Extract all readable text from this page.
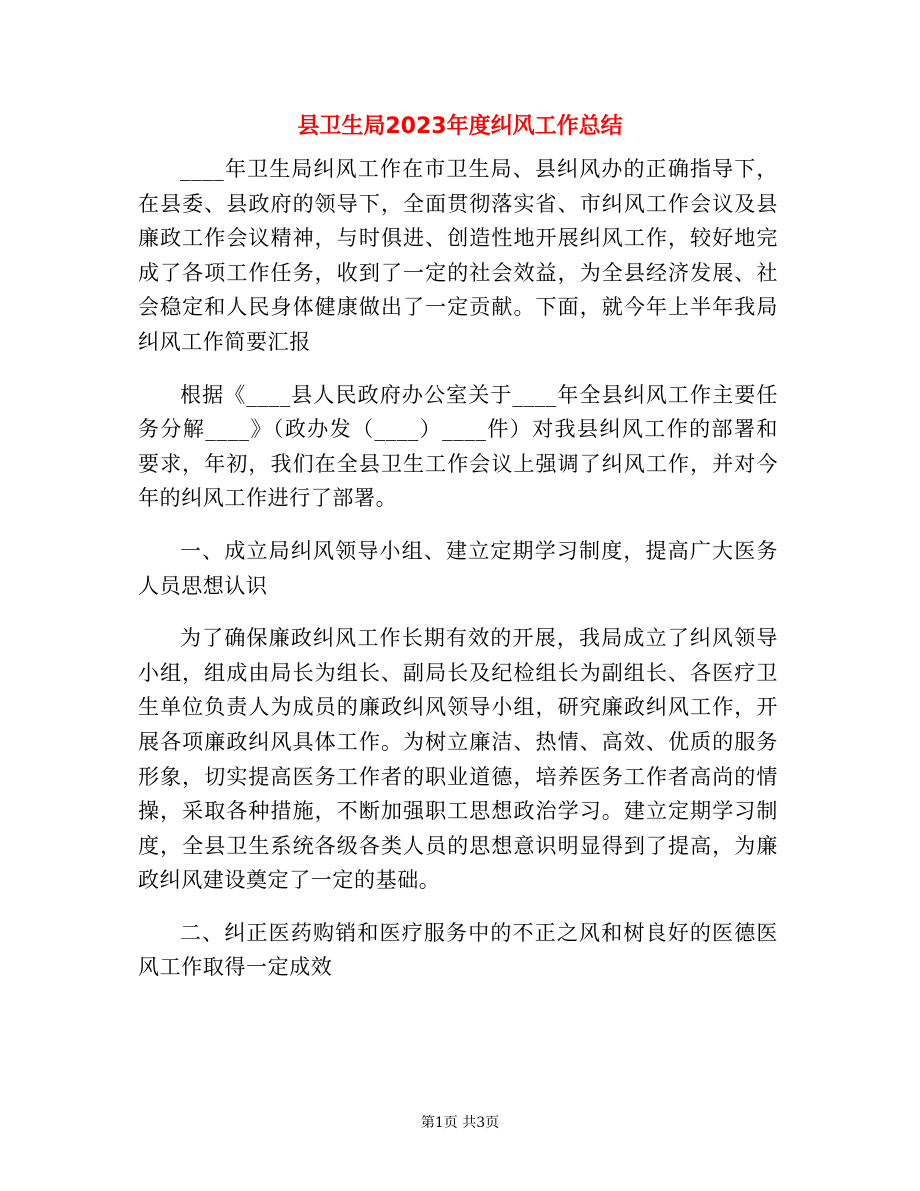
县卫生局2023年度纠风工作总结

____年卫生局纠风工作在市卫生局、县纠风办的正确指导下，在县委、县政府的领导下，全面贯彻落实省、市纠风工作会议及县廉政工作会议精神，与时俱进、创造性地开展纠风工作，较好地完成了各项工作任务，收到了一定的社会效益，为全县经济发展、社会稳定和人民身体健康做出了一定贡献。下面，就今年上半年我局纠风工作简要汇报

根据《____县人民政府办公室关于____年全县纠风工作主要任务分解____》（政办发（____）____件）对我县纠风工作的部署和要求，年初，我们在全县卫生工作会议上强调了纠风工作，并对今年的纠风工作进行了部署。

一、成立局纠风领导小组、建立定期学习制度，提高广大医务人员思想认识

为了确保廉政纠风工作长期有效的开展，我局成立了纠风领导小组，组成由局长为组长、副局长及纪检组长为副组长、各医疗卫生单位负责人为成员的廉政纠风领导小组，研究廉政纠风工作，开展各项廉政纠风具体工作。为树立廉洁、热情、高效、优质的服务形象，切实提高医务工作者的职业道德，培养医务工作者高尚的情操，采取各种措施，不断加强职工思想政治学习。建立定期学习制度，全县卫生系统各级各类人员的思想意识明显得到了提高，为廉政纠风建设奠定了一定的基础。

二、纠正医药购销和医疗服务中的不正之风和树良好的医德医风工作取得一定成效

第1页 共3页
